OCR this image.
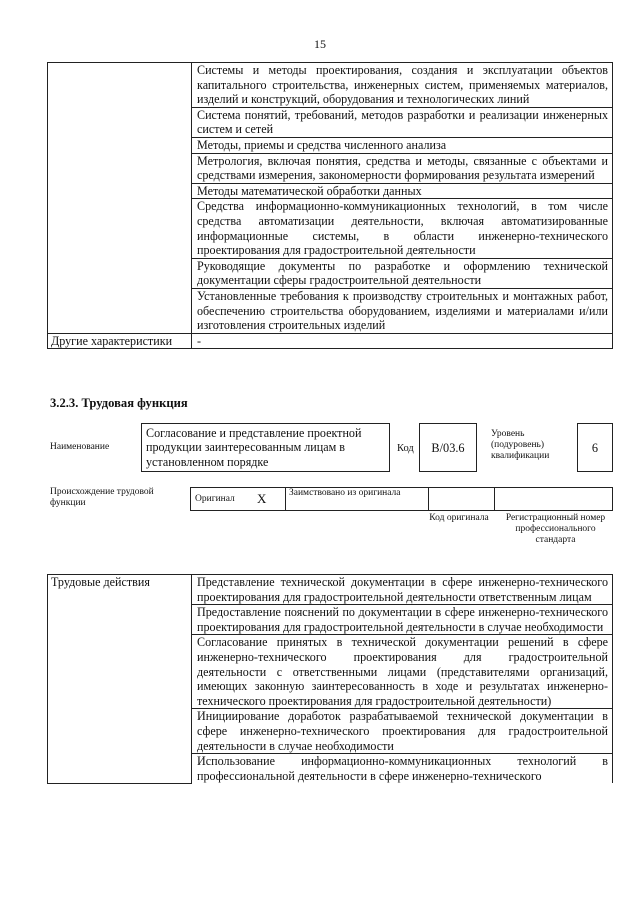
15
	Системы и методы проектирования, создания и эксплуатации объектов капитального строительства, инженерных систем, применяемых материалов, изделий и конструкций, оборудования и технологических линий
	Система понятий, требований, методов разработки и реализации инженерных систем и сетей
	Методы, приемы и средства численного анализа
	Метрология, включая понятия, средства и методы, связанные с объектами и средствами измерения, закономерности формирования результата измерений
	Методы математической обработки данных
	Средства информационно-коммуникационных технологий, в том числе средства автоматизации деятельности, включая автоматизированные информационные системы, в области инженерно-технического проектирования для градостроительной деятельности
	Руководящие документы по разработке и оформлению технической документации сферы градостроительной деятельности
	Установленные требования к производству строительных и монтажных работ, обеспечению строительства оборудованием, изделиями и материалами и/или изготовления строительных изделий
Другие характеристики	-
3.2.3. Трудовая функция
Наименование
Согласование и представление проектной продукции заинтересованным лицам в установленном порядке
Код	B/03.6
Уровень
(подуровень)
квалификации
6
Происхождение трудовой функции	Оригинал	X	Заимствовано из оригинала		
Код оригинала	Регистрационный номер профессионального стандарта
Трудовые действия	Представление технической документации в сфере инженерно-технического проектирования для градостроительной деятельности ответственным лицам
Предоставление пояснений по документации в сфере инженерно-технического проектирования для градостроительной деятельности в случае необходимости
Согласование принятых в технической документации решений в сфере инженерно-технического проектирования для градостроительной деятельности с ответственными лицами (представителями организаций, имеющих законную заинтересованность в ходе и результатах инженерно-технического проектирования для градостроительной деятельности)
Инициирование доработок разрабатываемой технической документации в сфере инженерно-технического проектирования для градостроительной деятельности в случае необходимости
Использование информационно-коммуникационных технологий в профессиональной деятельности в сфере инженерно-технического
